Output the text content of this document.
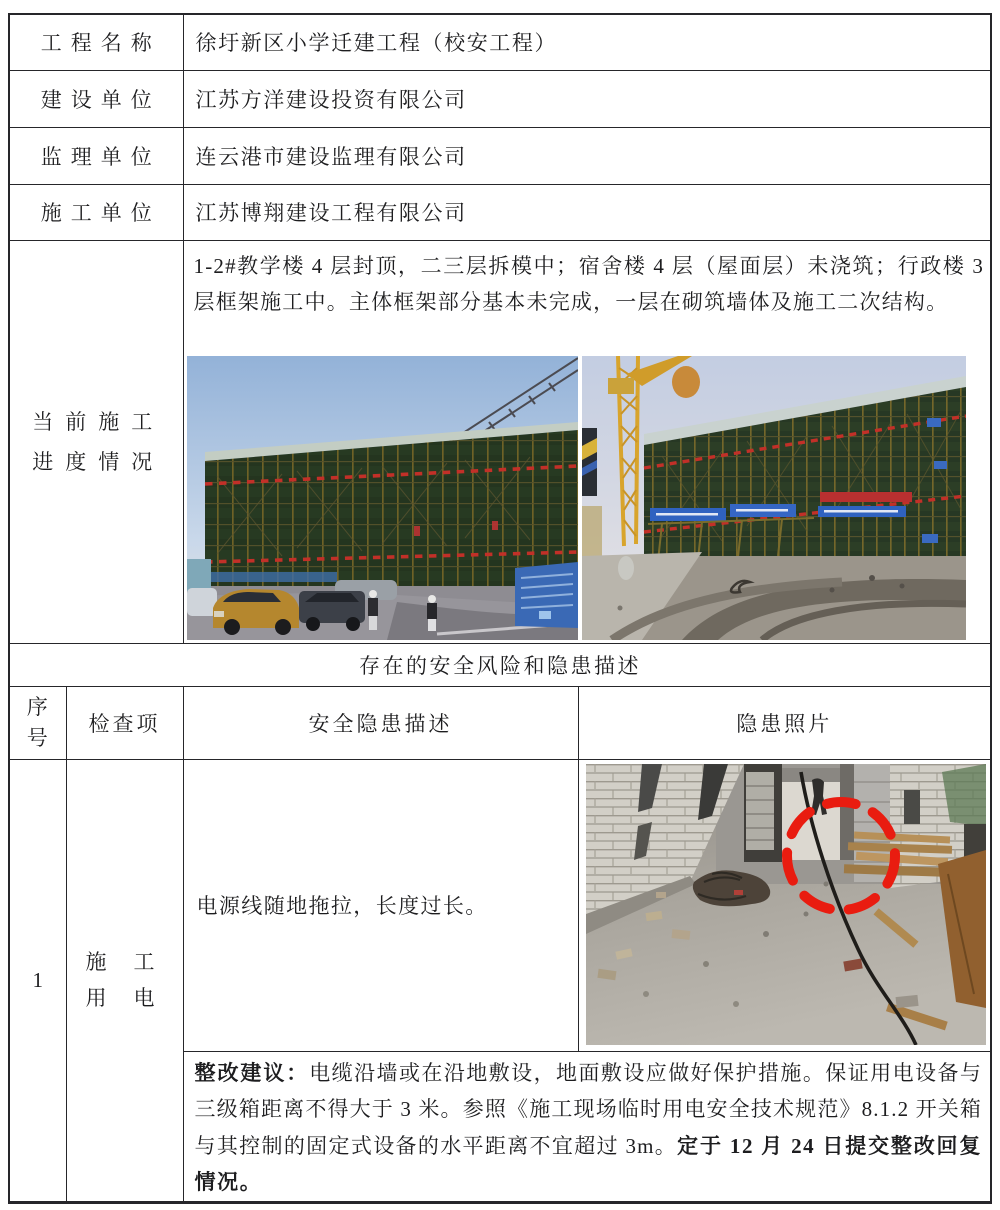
工程名称		徐圩新区小学迁建工程（校安工程）	
建设单位		江苏方洋建设投资有限公司	
监理单位		连云港市建设监理有限公司	
施工单位		江苏博翔建设工程有限公司	

当前施工进度情况		1-2#教学楼 4 层封顶，二三层拆模中；宿舍楼 4 层（屋面层）未浇筑；行政楼 3 层框架施工中。主体框架部分基本未完成，一层在砌筑墙体及施工二次结构。	

存在的安全风险和隐患描述			
序号	检查项	安全隐患描述	隐患照片
1	施工用电	电源线随地拖拉，长度过长。	
		整改建议：电缆沿墙或在沿地敷设，地面敷设应做好保护措施。保证用电设备与三级箱距离不得大于 3 米。参照《施工现场临时用电安全技术规范》8.1.2 开关箱与其控制的固定式设备的水平距离不宜超过 3m。定于 12 月 24 日提交整改回复情况。	
